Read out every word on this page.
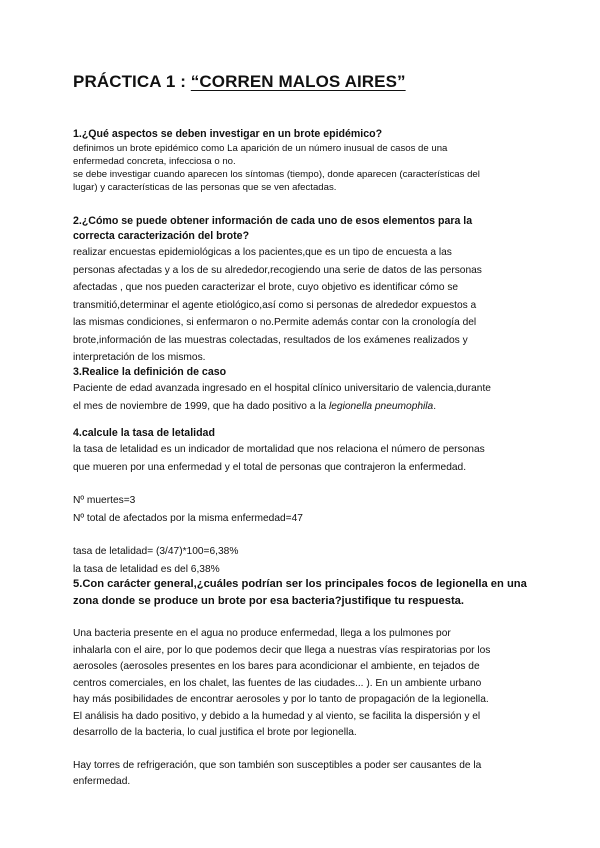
PRÁCTICA 1 : “CORREN MALOS AIRES”
1.¿Qué aspectos se deben investigar en un brote epidémico?
definimos un brote epidémico como La aparición de un número inusual de casos de una
enfermedad concreta, infecciosa o no.
se debe investigar cuando aparecen los síntomas (tiempo), donde aparecen (características del
lugar) y características de las personas que se ven afectadas.
2.¿Cómo se puede obtener información de cada uno de esos elementos para la
correcta caracterización del brote?
realizar encuestas epidemiológicas a los pacientes,que es un tipo de encuesta a las
personas afectadas y a los de su alrededor,recogiendo una serie de datos de las personas
afectadas , que nos pueden caracterizar el brote, cuyo objetivo es identificar cómo se
transmitió,determinar el agente etiológico,así como si personas de alrededor expuestos a
las mismas condiciones, si enfermaron o no.Permite además contar con la cronología del
brote,información de las muestras colectadas, resultados de los exámenes realizados y
interpretación de los mismos.
3.Realice la definición de caso
Paciente de edad avanzada ingresado en el hospital clínico universitario de valencia,durante
el mes de noviembre de 1999, que ha dado positivo a la legionella pneumophila.
4.calcule la tasa de letalidad
la tasa de letalidad es un indicador de mortalidad que nos relaciona el número de personas
que mueren por una enfermedad y el total de personas que contrajeron la enfermedad.
Nº muertes=3
Nº total de afectados por la misma enfermedad=47
tasa de letalidad= (3/47)*100=6,38%
la tasa de letalidad es del 6,38%
5.Con carácter general,¿cuáles podrían ser los principales focos de legionella en una
zona donde se produce un brote por esa bacteria?justifique tu respuesta.
Una bacteria presente en el agua no produce enfermedad, llega a los pulmones por
inhalarla con el aire, por lo que podemos decir que llega a nuestras vías respiratorias por los
aerosoles (aerosoles presentes en los bares para acondicionar el ambiente, en tejados de
centros comerciales, en los chalet, las fuentes de las ciudades... ). En un ambiente urbano
hay más posibilidades de encontrar aerosoles y por lo tanto de propagación de la legionella.
El análisis ha dado positivo, y debido a la humedad y al viento, se facilita la dispersión y el
desarrollo de la bacteria, lo cual justifica el brote por legionella.
Hay torres de refrigeración, que son también son susceptibles a poder ser causantes de la
enfermedad.
